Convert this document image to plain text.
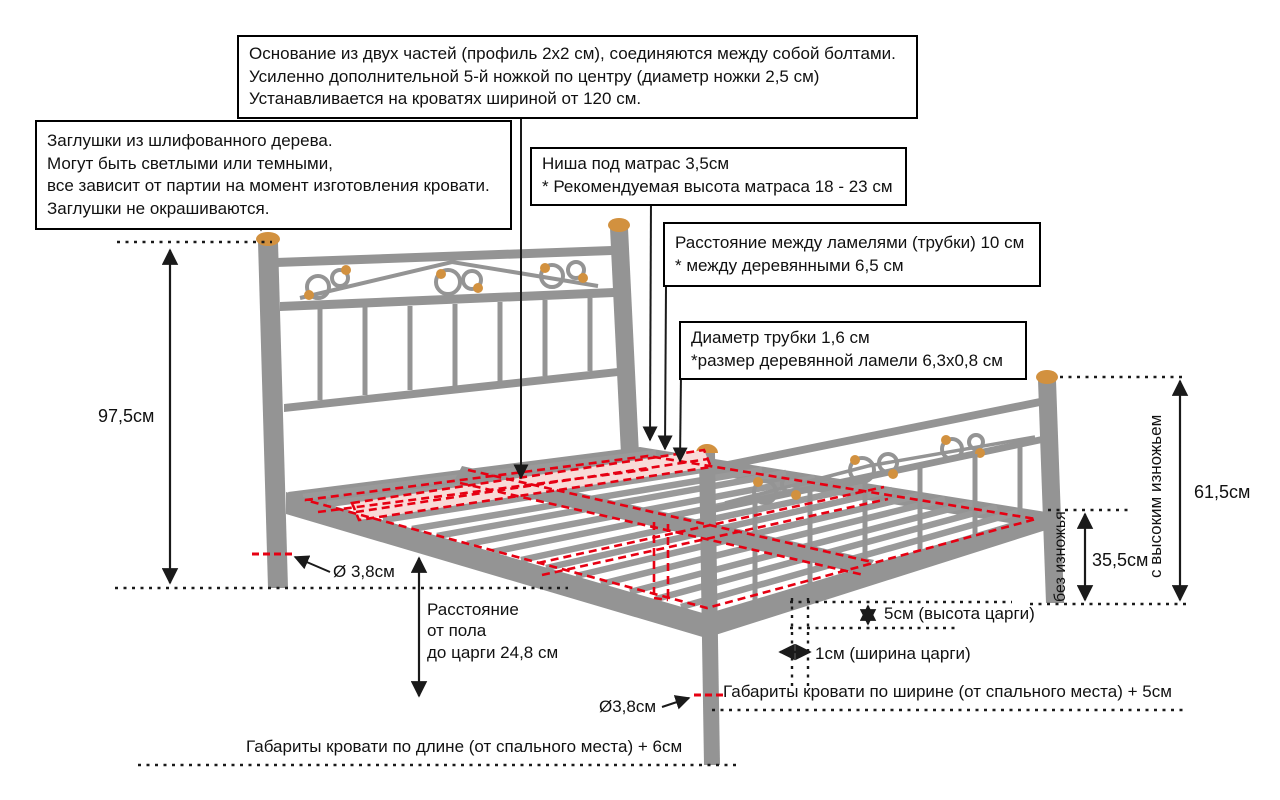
Основание из двух частей (профиль 2х2 см), соединяются между собой болтами.
Усиленно дополнительной 5-й ножкой по центру (диаметр ножки 2,5 см)
Устанавливается на кроватях шириной от 120 см.
Заглушки из шлифованного дерева.
Могут быть светлыми или темными,
все зависит от партии на момент изготовления кровати.
Заглушки не окрашиваются.
Ниша под матрас 3,5см
* Рекомендуемая высота матраса 18 - 23 см
Расстояние между ламелями (трубки) 10 см
* между деревянными 6,5 см
Диаметр трубки 1,6 см
*размер деревянной ламели 6,3х0,8 см
97,5см
Ø 3,8см
Расстояние
от пола
до царги 24,8 см
Ø3,8см
Габариты кровати по ширине (от спального места) + 5см
Габариты кровати по длине (от спального места) + 6см
35,5см
61,5см
без изножья	с высоким изножьем
5см (высота царги)
1см (ширина царги)
